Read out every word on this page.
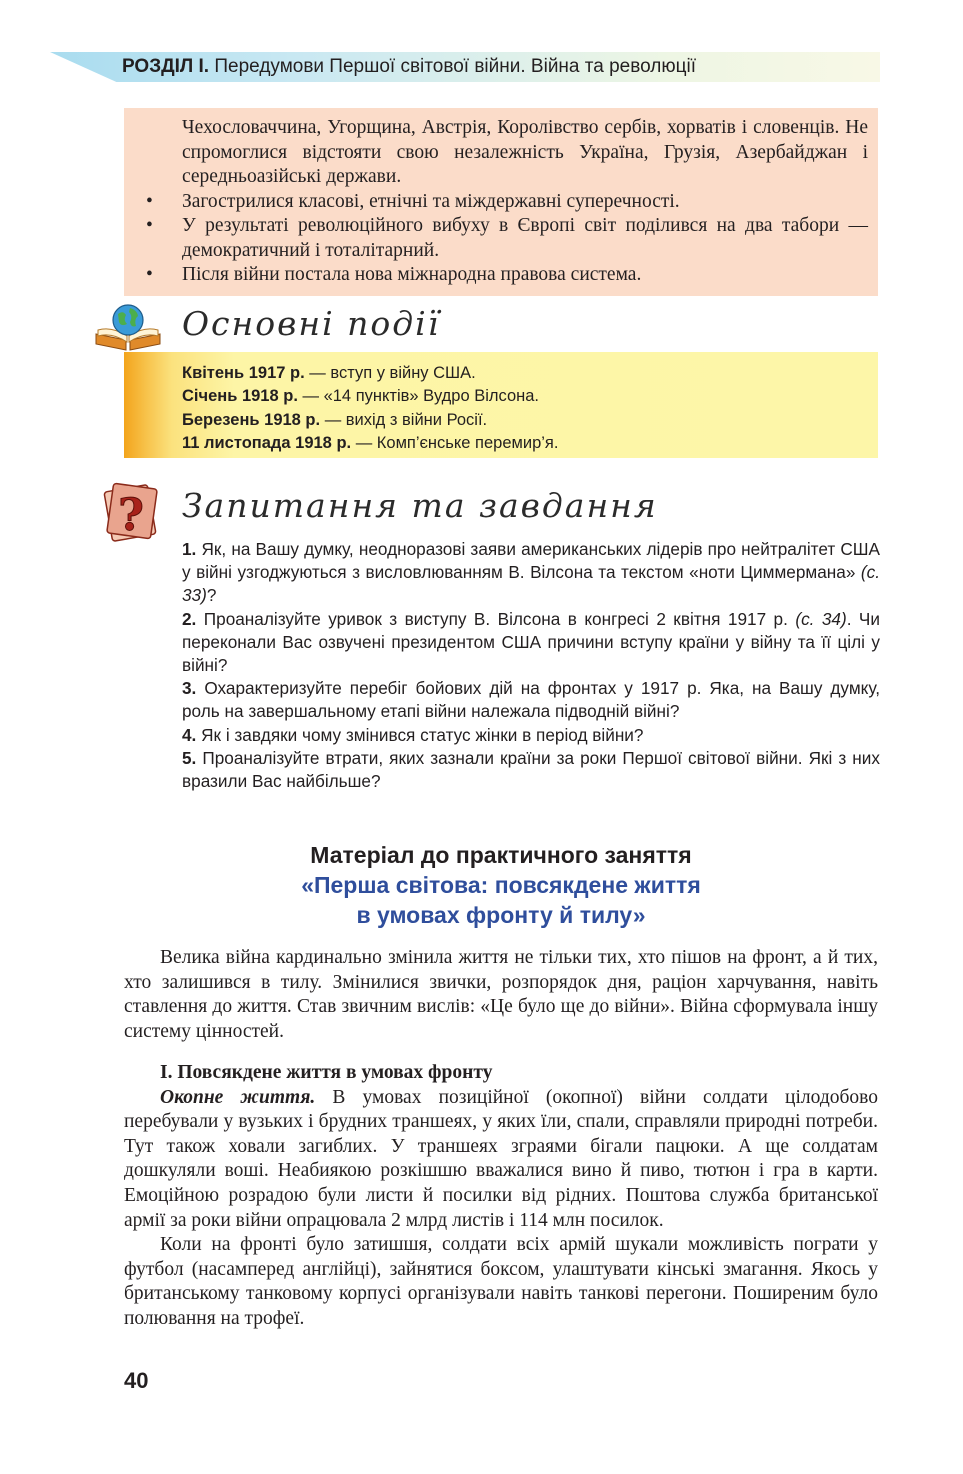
РОЗДІЛ І. Передумови Першої світової війни. Війна та революції

Чехословаччина, Угорщина, Австрія, Королівство сербів, хорватів і словенців. Не спромоглися відстояти свою незалежність Україна, Грузія, Азербайджан і середньоазійські держави.

• Загострилися класові, етнічні та міждержавні суперечності.

• У результаті революційного вибуху в Європі світ поділився на два табори — демократичний і тоталітарний.

• Після війни постала нова міжнародна правова система.

Основні події
Квітень 1917 р. — вступ у війну США.
Січень 1918 р. — «14 пунктів» Вудро Вілсона.
Березень 1918 р. — вихід з війни Росії.
11 листопада 1918 р. — Комп’єнське перемир’я.
? Запитання та завдання

1. Як, на Вашу думку, неодноразові заяви американських лідерів про нейтралітет США у війні узгоджуються з висловлюванням В. Вілсона та текстом «ноти Циммермана» (с. 33)?

2. Проаналізуйте уривок з виступу В. Вілсона в конгресі 2 квітня 1917 р. (с. 34). Чи переконали Вас озвучені президентом США причини вступу країни у війну та її цілі у війні?

3. Охарактеризуйте перебіг бойових дій на фронтах у 1917 р. Яка, на Вашу думку, роль на завершальному етапі війни належала підводній війні?

4. Як і завдяки чому змінився статус жінки в період війни?

5. Проаналізуйте втрати, яких зазнали країни за роки Першої світової війни. Які з них вразили Вас найбільше?

Матеріал до практичного заняття
«Перша світова: повсякдене життя
в умовах фронту й тилу»

Велика війна кардинально змінила життя не тільки тих, хто пішов на фронт, а й тих, хто залишився в тилу. Змінилися звички, розпорядок дня, раціон харчування, навіть ставлення до життя. Став звичним вислів: «Це було ще до війни». Війна сформувала іншу систему цінностей.

І. Повсякдене життя в умовах фронту

Окопне життя. В умовах позиційної (окопної) війни солдати цілодобово перебували у вузьких і брудних траншеях, у яких їли, спали, справляли природні потреби. Тут також ховали загиблих. У траншеях зграями бігали пацюки. А ще солдатам дошкуляли воші. Неабиякою розкішшю вважалися вино й пиво, тютюн і гра в карти. Емоційною розрадою були листи й посилки від рідних. Поштова служба британської армії за роки війни опрацювала 2 млрд листів і 114 млн посилок.

Коли на фронті було затишшя, солдати всіх армій шукали можливість пограти у футбол (насамперед англійці), зайнятися боксом, улаштувати кінські змагання. Якось у британському танковому корпусі організували навіть танкові перегони. Поширеним було полювання на трофеї.

40
